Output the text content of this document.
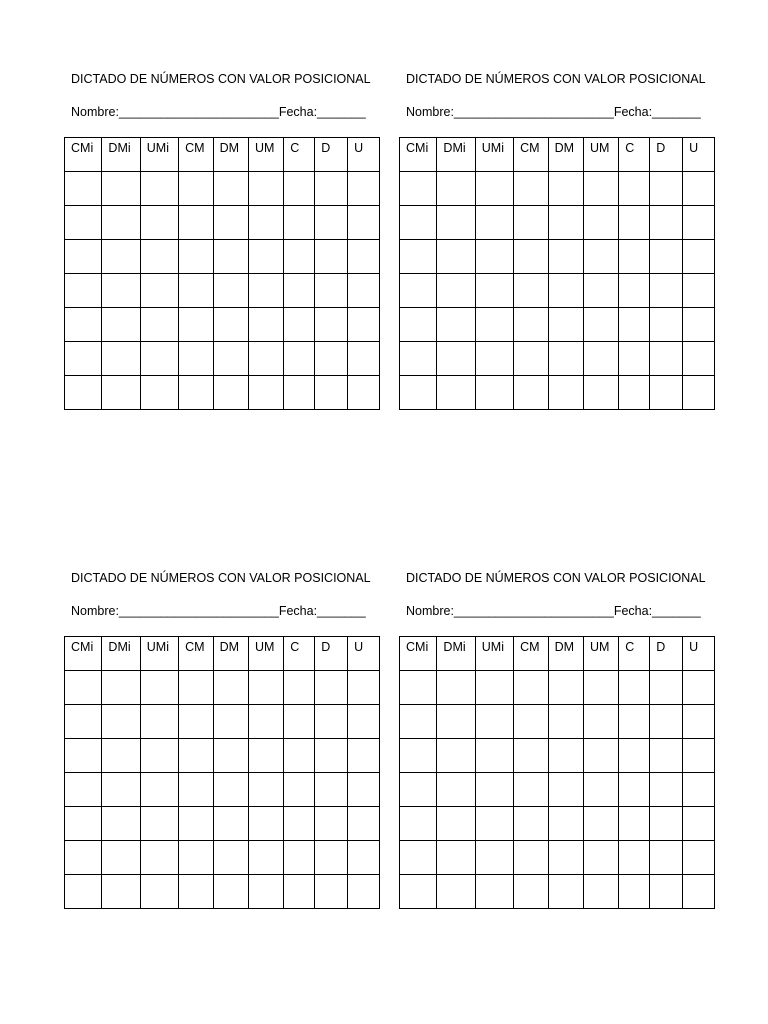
DICTADO DE NÚMEROS CON VALOR POSICIONAL
Nombre:_______________________Fecha:_______
CMi	DMi	UMi	CM	DM	UM	C	D	U

DICTADO DE NÚMEROS CON VALOR POSICIONAL
Nombre:_______________________Fecha:_______
CMi	DMi	UMi	CM	DM	UM	C	D	U

DICTADO DE NÚMEROS CON VALOR POSICIONAL
Nombre:_______________________Fecha:_______
CMi	DMi	UMi	CM	DM	UM	C	D	U

DICTADO DE NÚMEROS CON VALOR POSICIONAL
Nombre:_______________________Fecha:_______
CMi	DMi	UMi	CM	DM	UM	C	D	U
